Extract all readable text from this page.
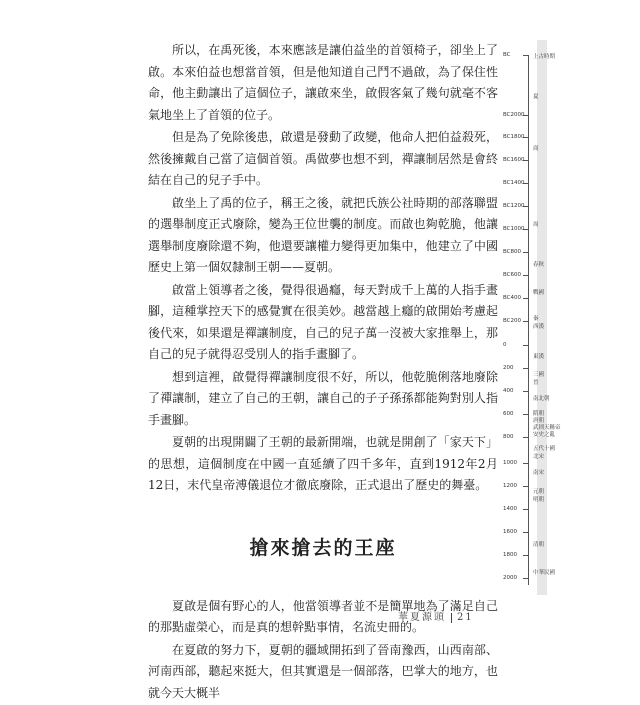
所以，在禹死後，本來應該是讓伯益坐的首領椅子，卻坐上了啟。本來伯益也想當首領，但是他知道自己鬥不過啟，為了保住性命，他主動讓出了這個位子，讓啟來坐，啟假客氣了幾句就毫不客氣地坐上了首領的位子。

但是為了免除後患，啟還是發動了政變，他命人把伯益殺死，然後擁戴自己當了這個首領。禹做夢也想不到，禪讓制居然是會終結在自己的兒子手中。

啟坐上了禹的位子，稱王之後，就把氏族公社時期的部落聯盟的選舉制度正式廢除，變為王位世襲的制度。而啟也夠乾脆，他讓選舉制度廢除還不夠，他還要讓權力變得更加集中，他建立了中國歷史上第一個奴隸制王朝——夏朝。

啟當上領導者之後，覺得很過癮，每天對成千上萬的人指手畫腳，這種掌控天下的感覺實在很美妙。越當越上癮的啟開始考慮起後代來，如果還是禪讓制度，自己的兒子萬一沒被大家推舉上，那自己的兒子就得忍受別人的指手畫腳了。

想到這裡，啟覺得禪讓制度很不好，所以，他乾脆俐落地廢除了禪讓制，建立了自己的王朝，讓自己的子子孫孫都能夠對別人指手畫腳。

夏朝的出現開闢了王朝的最新開端，也就是開創了「家天下」的思想，這個制度在中國一直延續了四千多年，直到1912年2月12日，末代皇帝溥儀退位才徹底廢除，正式退出了歷史的舞臺。

搶來搶去的王座

夏啟是個有野心的人，他當領導者並不是簡單地為了滿足自己的那點虛榮心，而是真的想幹點事情，名流史冊的。

在夏啟的努力下，夏朝的疆域開拓到了晉南豫西，山西南部、河南西部，聽起來挺大，但其實還是一個部落，巴掌大的地方，也就今天大概半

BC
BC2000
BC1800
BC1600
BC1400
BC1200
BC1000
BC800
BC600
BC400
BC200
0
200
400
600
800
1000
1200
1400
1600
1800
2000
上古時期
夏
商
周
春秋
戰國
秦
西漢
東漢
三國
晉
南北朝
隋朝
唐朝
武則天稱帝
安史之亂
五代十國
北宋
南宋
元朝
明朝
清朝
中華民國
華夏源頭 21
